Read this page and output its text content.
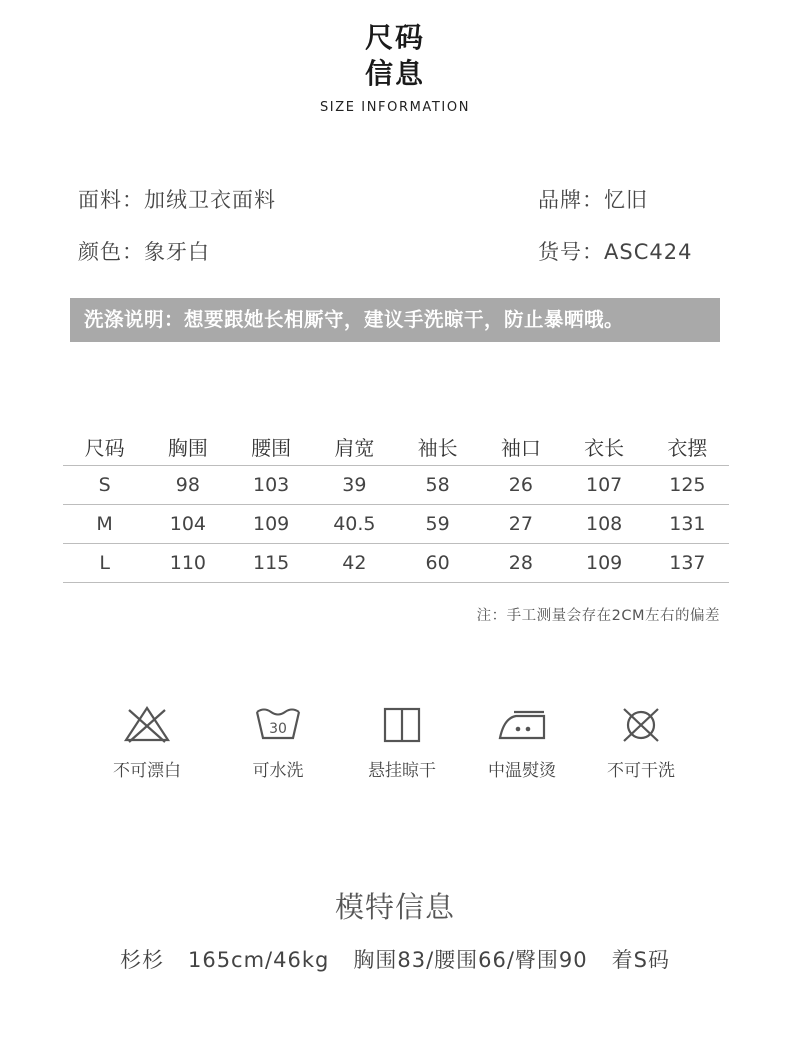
尺码
信息
SIZE INFORMATION
面料：加绒卫衣面料	品牌：忆旧
颜色：象牙白	货号：ASC424
洗涤说明：想要跟她长相厮守，建议手洗晾干，防止暴晒哦。
尺码	胸围	腰围	肩宽	袖长	袖口	衣长	衣摆
S	98	103	39	58	26	107	125
M	104	109	40.5	59	27	108	131
L	110	115	42	60	28	109	137
注：手工测量会存在2CM左右的偏差
不可漂白
30
可水洗	悬挂晾干	中温熨烫	不可干洗
模特信息
杉杉 165cm/46kg 胸围83/腰围66/臀围90 着S码
